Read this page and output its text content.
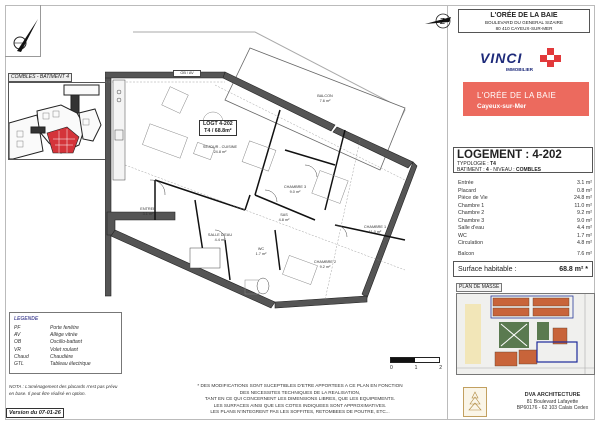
COMBLES - BATIMENT 4
LEGENDE
PF	Porte fenêtre
AV	Allège vitrée
OB	Oscillo-battant
VR	Volet roulant
Chaud	Chaudière
GTL	Tableau électrique
NOTA : L'aménagement des placards n'est pas prévu en base. Il peut être réalisé en option.
Version du 07-01-26
LOGT 4-202
T4 / 68.8m²
SEJOUR - CUISINE
24.8 m²
BALCON
7.6 m²
CHAMBRE 3
9.0 m²
CHAMBRE 1
11.0 m²
CHAMBRE 2
9.2 m²
ENTREE
3.1 m²	SAS
4.8 m²
SALLE D'EAU
4.4 m²
WC
1.7 m²
OB / AV
0	1	2
* DES MODIFICATIONS SONT SUCEPTIBLES D'ETRE APPORTEES A CE PLAN EN FONCTION
DES NECESSITES TECHNIQUES DE LA REALISATION,
TANT EN CE QUI CONCERNENT LES DIMENSIONS LIBRES, QUE LES EQUIPEMENTS.
LES SURFACES AINSI QUE LES COTES INDIQUEES SONT APPROXIMATIVES.
LES PLANS N'INTEGRENT PAS LES SOFFITES, RETOMBEES DE POUTRE, ETC...
Z
L'ORÉE DE LA BAIE
BOULEVARD DU GENERAL SIZAIRE
80 410 CAYEUX-SUR-MER
VINCI
IMMOBILIER
L'ORÉE DE LA BAIE
Cayeux-sur-Mer
LOGEMENT : 4-202
TYPOLOGIE : T4
BATIMENT : 4 - NIVEAU : COMBLES
Entrée	3.1 m²
Placard	0.8 m²
Pièce de Vie	24.8 m²
Chambre 1	11.0 m²
Chambre 2	9.2 m²
Chambre 3	9.0 m²
Salle d'eau	4.4 m²
WC	1.7 m²
Circulation	4.8 m²
Balcon	7.6 m²
Surface habitable :	68.8 m² *
PLAN DE MASSE
DVA ARCHITECTURE
81 Boulevard Lafayette
BP60176 - 62 103 Calais Cedex
